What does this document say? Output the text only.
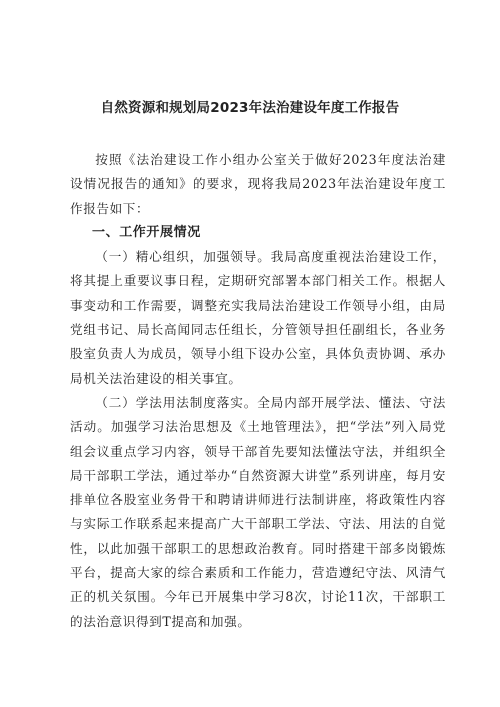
自然资源和规划局2023年法治建设年度工作报告

按照《法治建设工作小组办公室关于做好2023年度法治建设情况报告的通知》的要求，现将我局2023年法治建设年度工作报告如下：

一、工作开展情况

（一）精心组织，加强领导。我局高度重视法治建设工作，将其提上重要议事日程，定期研究部署本部门相关工作。根据人事变动和工作需要，调整充实我局法治建设工作领导小组，由局党组书记、局长高闻同志任组长，分管领导担任副组长，各业务股室负责人为成员，领导小组下设办公室，具体负责协调、承办局机关法治建设的相关事宜。

（二）学法用法制度落实。全局内部开展学法、懂法、守法活动。加强学习法治思想及《土地管理法》，把“学法”列入局党组会议重点学习内容，领导干部首先要知法懂法守法，并组织全局干部职工学法，通过举办“自然资源大讲堂”系列讲座，每月安排单位各股室业务骨干和聘请讲师进行法制讲座，将政策性内容与实际工作联系起来提高广大干部职工学法、守法、用法的自觉性，以此加强干部职工的思想政治教育。同时搭建干部多岗锻炼平台，提高大家的综合素质和工作能力，营造遵纪守法、风清气正的机关氛围。今年已开展集中学习8次，讨论11次，干部职工的法治意识得到T提高和加强。
